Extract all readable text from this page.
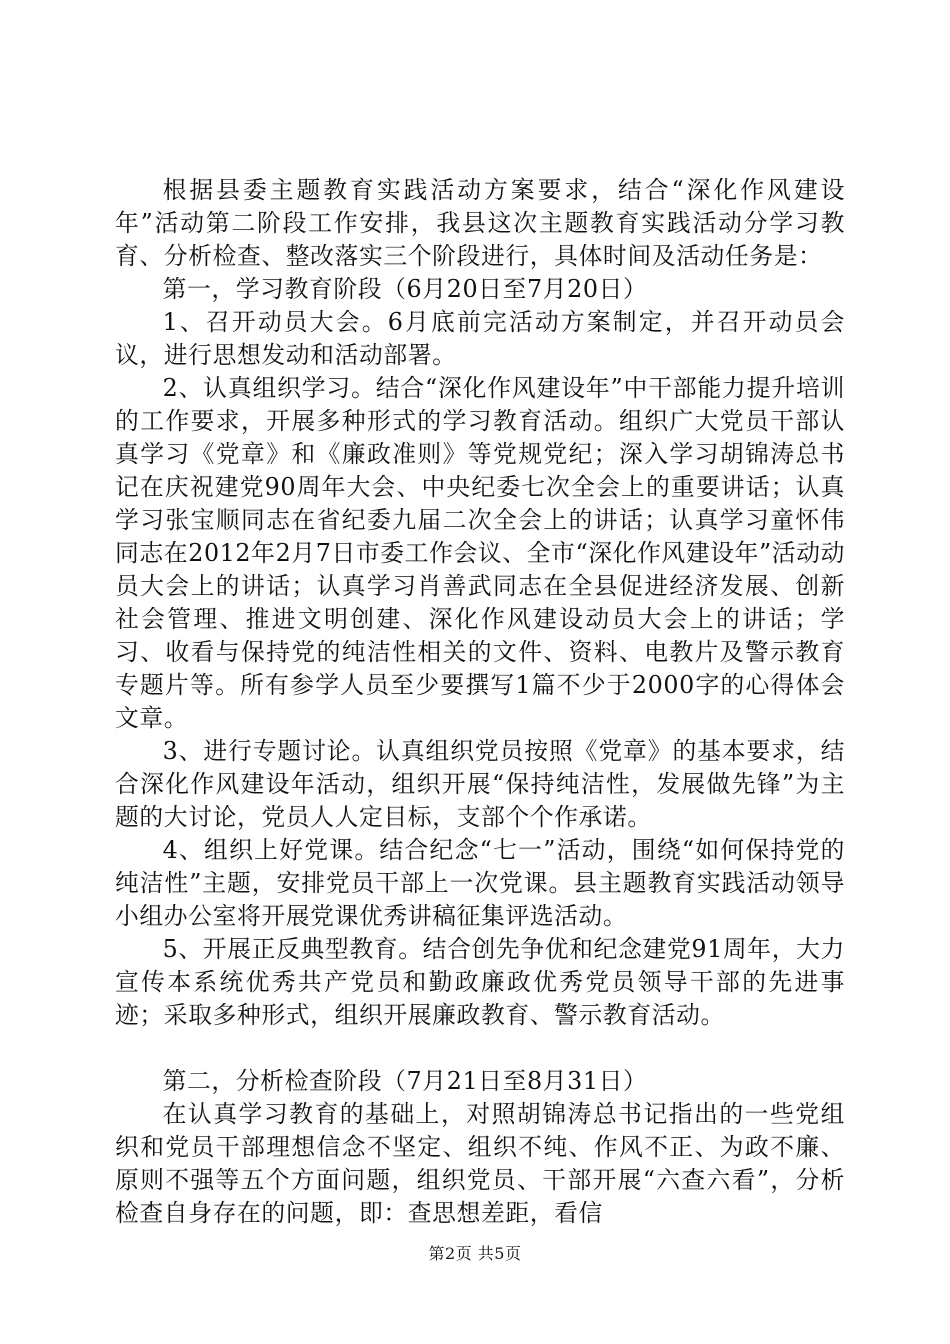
根据县委主题教育实践活动方案要求，结合“深化作风建设年”活动第二阶段工作安排，我县这次主题教育实践活动分学习教育、分析检查、整改落实三个阶段进行，具体时间及活动任务是：

第一，学习教育阶段（6月20日至7月20日）

1、召开动员大会。6月底前完活动方案制定，并召开动员会议，进行思想发动和活动部署。

2、认真组织学习。结合“深化作风建设年”中干部能力提升培训的工作要求，开展多种形式的学习教育活动。组织广大党员干部认真学习《党章》和《廉政准则》等党规党纪；深入学习胡锦涛总书记在庆祝建党90周年大会、中央纪委七次全会上的重要讲话；认真学习张宝顺同志在省纪委九届二次全会上的讲话；认真学习童怀伟同志在2012年2月7日市委工作会议、全市“深化作风建设年”活动动员大会上的讲话；认真学习肖善武同志在全县促进经济发展、创新社会管理、推进文明创建、深化作风建设动员大会上的讲话；学习、收看与保持党的纯洁性相关的文件、资料、电教片及警示教育专题片等。所有参学人员至少要撰写1篇不少于2000字的心得体会文章。

3、进行专题讨论。认真组织党员按照《党章》的基本要求，结合深化作风建设年活动，组织开展“保持纯洁性，发展做先锋”为主题的大讨论，党员人人定目标，支部个个作承诺。

4、组织上好党课。结合纪念“七一”活动，围绕“如何保持党的纯洁性”主题，安排党员干部上一次党课。县主题教育实践活动领导小组办公室将开展党课优秀讲稿征集评选活动。

5、开展正反典型教育。结合创先争优和纪念建党91周年，大力宣传本系统优秀共产党员和勤政廉政优秀党员领导干部的先进事迹；采取多种形式，组织开展廉政教育、警示教育活动。

第二，分析检查阶段（7月21日至8月31日）

在认真学习教育的基础上，对照胡锦涛总书记指出的一些党组织和党员干部理想信念不坚定、组织不纯、作风不正、为政不廉、原则不强等五个方面问题，组织党员、干部开展“六查六看”，分析检查自身存在的问题，即：查思想差距，看信

第2页 共5页
